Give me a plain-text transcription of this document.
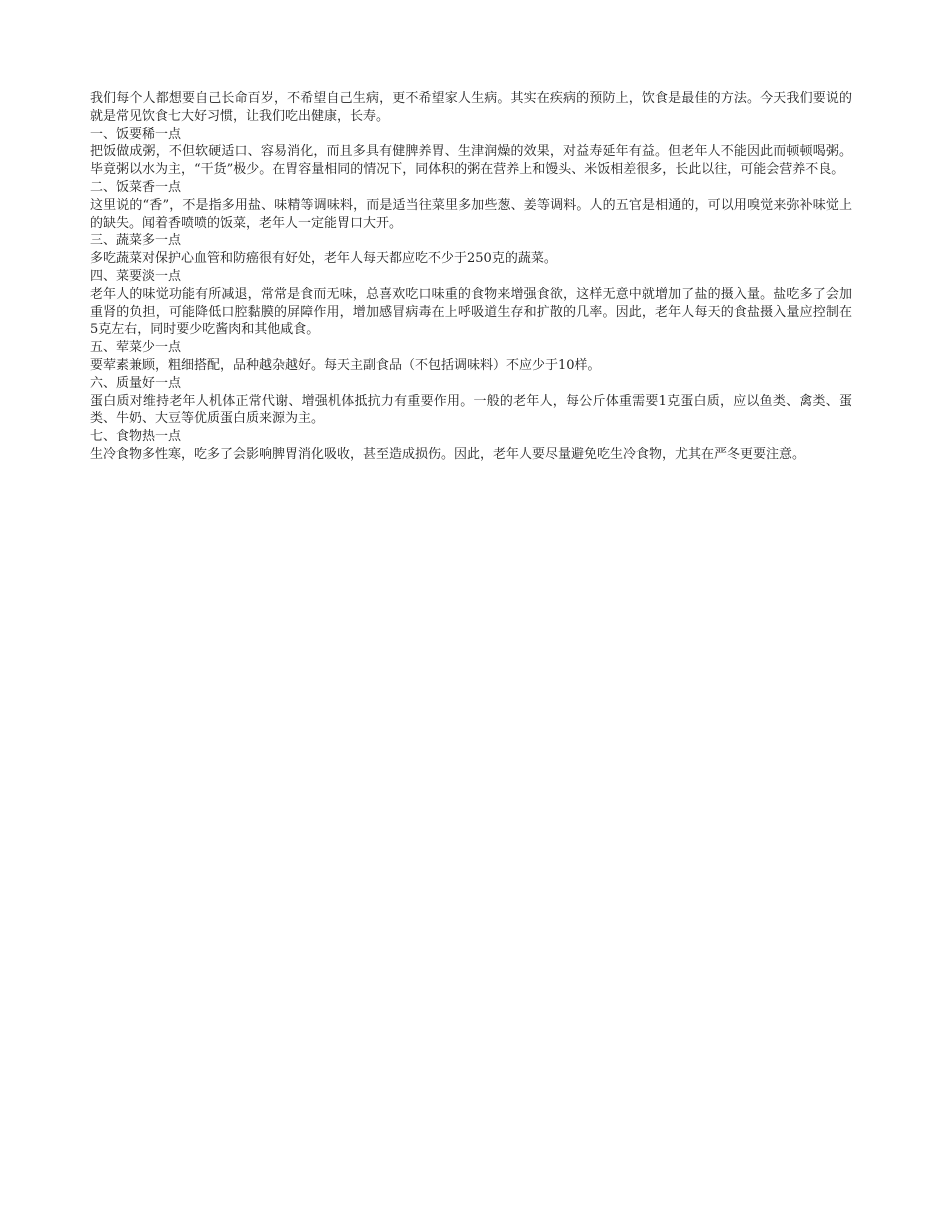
我们每个人都想要自己长命百岁，不希望自己生病，更不希望家人生病。其实在疾病的预防上，饮食是最佳的方法。今天我们要说的就是常见饮食七大好习惯，让我们吃出健康，长寿。

一、饭要稀一点

把饭做成粥，不但软硬适口、容易消化，而且多具有健脾养胃、生津润燥的效果，对益寿延年有益。但老年人不能因此而顿顿喝粥。毕竟粥以水为主，“干货”极少。在胃容量相同的情况下，同体积的粥在营养上和馒头、米饭相差很多，长此以往，可能会营养不良。

二、饭菜香一点

这里说的“香”，不是指多用盐、味精等调味料，而是适当往菜里多加些葱、姜等调料。人的五官是相通的，可以用嗅觉来弥补味觉上的缺失。闻着香喷喷的饭菜，老年人一定能胃口大开。

三、蔬菜多一点

多吃蔬菜对保护心血管和防癌很有好处，老年人每天都应吃不少于250克的蔬菜。

四、菜要淡一点

老年人的味觉功能有所减退，常常是食而无味，总喜欢吃口味重的食物来增强食欲，这样无意中就增加了盐的摄入量。盐吃多了会加重肾的负担，可能降低口腔黏膜的屏障作用，增加感冒病毒在上呼吸道生存和扩散的几率。因此，老年人每天的食盐摄入量应控制在5克左右，同时要少吃酱肉和其他咸食。

五、荤菜少一点

要荤素兼顾，粗细搭配，品种越杂越好。每天主副食品（不包括调味料）不应少于10样。

六、质量好一点

蛋白质对维持老年人机体正常代谢、增强机体抵抗力有重要作用。一般的老年人，每公斤体重需要1克蛋白质，应以鱼类、禽类、蛋类、牛奶、大豆等优质蛋白质来源为主。

七、食物热一点

生冷食物多性寒，吃多了会影响脾胃消化吸收，甚至造成损伤。因此，老年人要尽量避免吃生冷食物，尤其在严冬更要注意。
